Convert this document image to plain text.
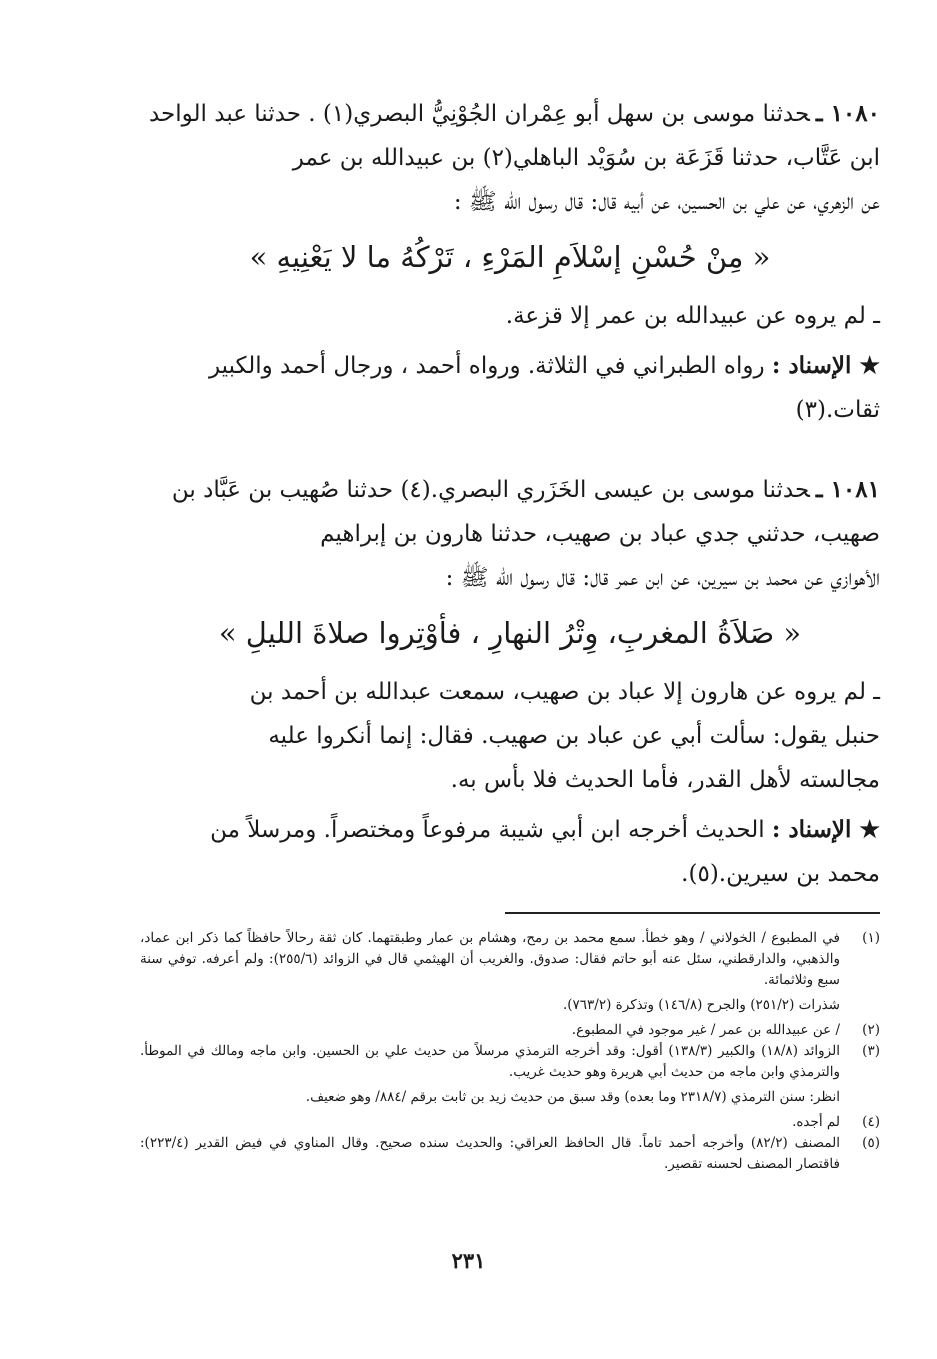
١٠٨٠ ـحدثنا موسى بن سهل أبو عِمْران الجُوْنِيُّ البصري(١) . حدثنا عبد الواحد
ابن عَتَّاب، حدثنا قَزَعَة بن سُوَيْد الباهلي(٢) بن عبيدالله بن عمر
عن الزهري، عن علي بن الحسين، عن أبيه قال: قال رسول الله ﷺ :
« مِنْ حُسْنِ إسْلاَمِ المَرْءِ ، تَرْكُهُ ما لا يَعْنِيهِ »
ـ لم يروه عن عبيدالله بن عمر إلا قزعة.
★ الإسناد : رواه الطبراني في الثلاثة. ورواه أحمد ، ورجال أحمد والكبير
ثقات.(٣)
١٠٨١ ـحدثنا موسى بن عيسى الخَزَري البصري.(٤) حدثنا صُهيب بن عَبَّاد بن
صهيب، حدثني جدي عباد بن صهيب، حدثنا هارون بن إبراهيم
الأهوازي عن محمد بن سيرين، عن ابن عمر قال: قال رسول الله ﷺ :
« صَلاَةُ المغربِ، وِتْرُ النهارِ ، فأوْتِروا صلاةَ الليلِ »
ـ لم يروه عن هارون إلا عباد بن صهيب، سمعت عبدالله بن أحمد بن
حنبل يقول: سألت أبي عن عباد بن صهيب. فقال: إنما أنكروا عليه
مجالسته لأهل القدر، فأما الحديث فلا بأس به.
★ الإسناد : الحديث أخرجه ابن أبي شيبة مرفوعاً ومختصراً. ومرسلاً من
محمد بن سيرين.(٥).
(١)
في المطبوع / الخولاني / وهو خطأ. سمع محمد بن رمح، وهشام بن عمار وطبقتهما. كان ثقة رحالاً حافظاً كما ذكر ابن عماد، والذهبي، والدارقطني، سئل عنه أبو حاتم فقال: صدوق. والغريب أن الهيثمي قال في الزوائد (٢٥٥/٦): ولم أعرفه. توفي سنة سبع وثلاثمائة.
شذرات (٢٥١/٢) والجرح (١٤٦/٨) وتذكرة (٧٦٣/٢).
(٢)
/ عن عبيدالله بن عمر / غير موجود في المطبوع.
(٣)
الزوائد (١٨/٨) والكبير (١٣٨/٣) أقول: وقد أخرجه الترمذي مرسلاً من حديث علي بن الحسين. وابن ماجه ومالك في الموطأ. والترمذي وابن ماجه من حديث أبي هريرة وهو حديث غريب.
انظر: سنن الترمذي (٢٣١٨/٧ وما بعده) وقد سبق من حديث زيد بن ثابت برقم /٨٨٤/ وهو ضعيف.
(٤)
لم أجده.
(٥)
المصنف (٨٢/٢) وأخرجه أحمد تاماً. قال الحافظ العراقي: والحديث سنده صحيح. وقال المناوي في فيض القدير (٢٢٣/٤): فاقتصار المصنف لحسنه تقصير.
٢٣١
